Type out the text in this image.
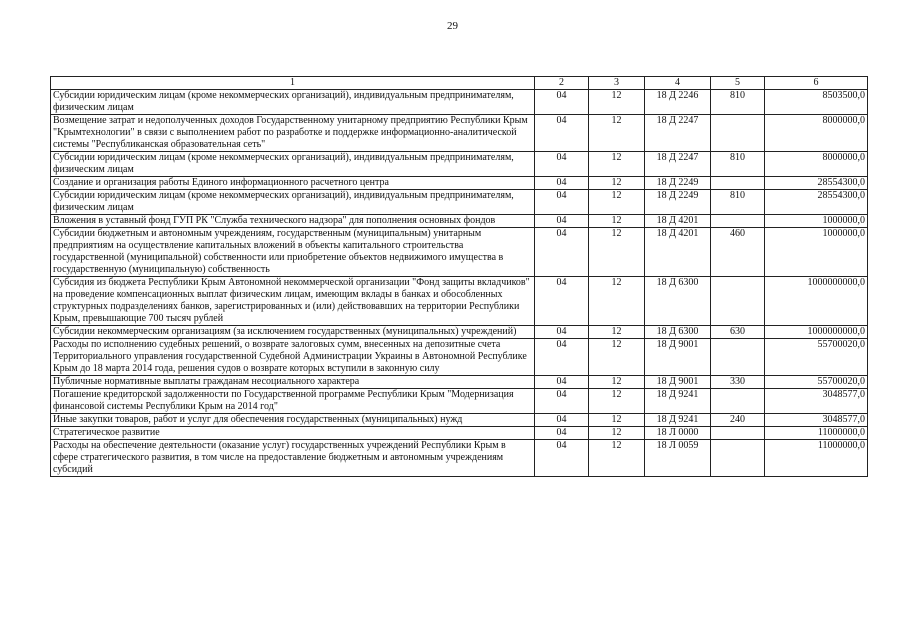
29
1	2	3	4	5	6
Субсидии юридическим лицам (кроме некоммерческих организаций), индивидуальным предпринимателям, физическим лицам	04	12	18 Д 2246	810	8503500,0
Возмещение затрат и недополученных доходов Государственному унитарному предприятию Республики Крым "Крымтехнологии" в связи с выполнением работ по разработке и поддержке информационно-аналитической системы "Республиканская образовательная сеть"	04	12	18 Д 2247		8000000,0
Субсидии юридическим лицам (кроме некоммерческих организаций), индивидуальным предпринимателям, физическим лицам	04	12	18 Д 2247	810	8000000,0
Создание и организация работы Единого информационного расчетного центра	04	12	18 Д 2249		28554300,0
Субсидии юридическим лицам (кроме некоммерческих организаций), индивидуальным предпринимателям, физическим лицам	04	12	18 Д 2249	810	28554300,0
Вложения в уставный фонд ГУП РК "Служба технического надзора" для пополнения основных фондов	04	12	18 Д 4201		1000000,0
Субсидии бюджетным и автономным учреждениям, государственным (муниципальным) унитарным предприятиям на осуществление капитальных вложений в объекты капитального строительства государственной (муниципальной) собственности или приобретение объектов недвижимого имущества в государственную (муниципальную) собственность	04	12	18 Д 4201	460	1000000,0
Субсидия из бюджета Республики Крым Автономной некоммерческой организации "Фонд защиты вкладчиков" на проведение компенсационных выплат физическим лицам, имеющим вклады в банках и обособленных структурных подразделениях банков, зарегистрированных и (или) действовавших на территории Республики Крым, превышающие 700 тысяч рублей	04	12	18 Д 6300		1000000000,0
Субсидии некоммерческим организациям (за исключением государственных (муниципальных) учреждений)	04	12	18 Д 6300	630	1000000000,0
Расходы по исполнению судебных решений, о возврате залоговых сумм, внесенных на депозитные счета Территориального управления государственной Судебной Администрации Украины в Автономной Республике Крым до 18 марта 2014 года, решения судов о возврате которых вступили в законную силу	04	12	18 Д 9001		55700020,0
Публичные нормативные выплаты гражданам несоциального характера	04	12	18 Д 9001	330	55700020,0
Погашение кредиторской задолженности по Государственной программе Республики Крым "Модернизация финансовой системы Республики Крым на 2014 год"	04	12	18 Д 9241		3048577,0
Иные закупки товаров, работ и услуг для обеспечения государственных (муниципальных) нужд	04	12	18 Д 9241	240	3048577,0
Стратегическое развитие	04	12	18 Л 0000		11000000,0
Расходы на обеспечение деятельности (оказание услуг) государственных учреждений Республики Крым в сфере стратегического развития, в том числе на предоставление бюджетным и автономным учреждениям субсидий	04	12	18 Л 0059		11000000,0
